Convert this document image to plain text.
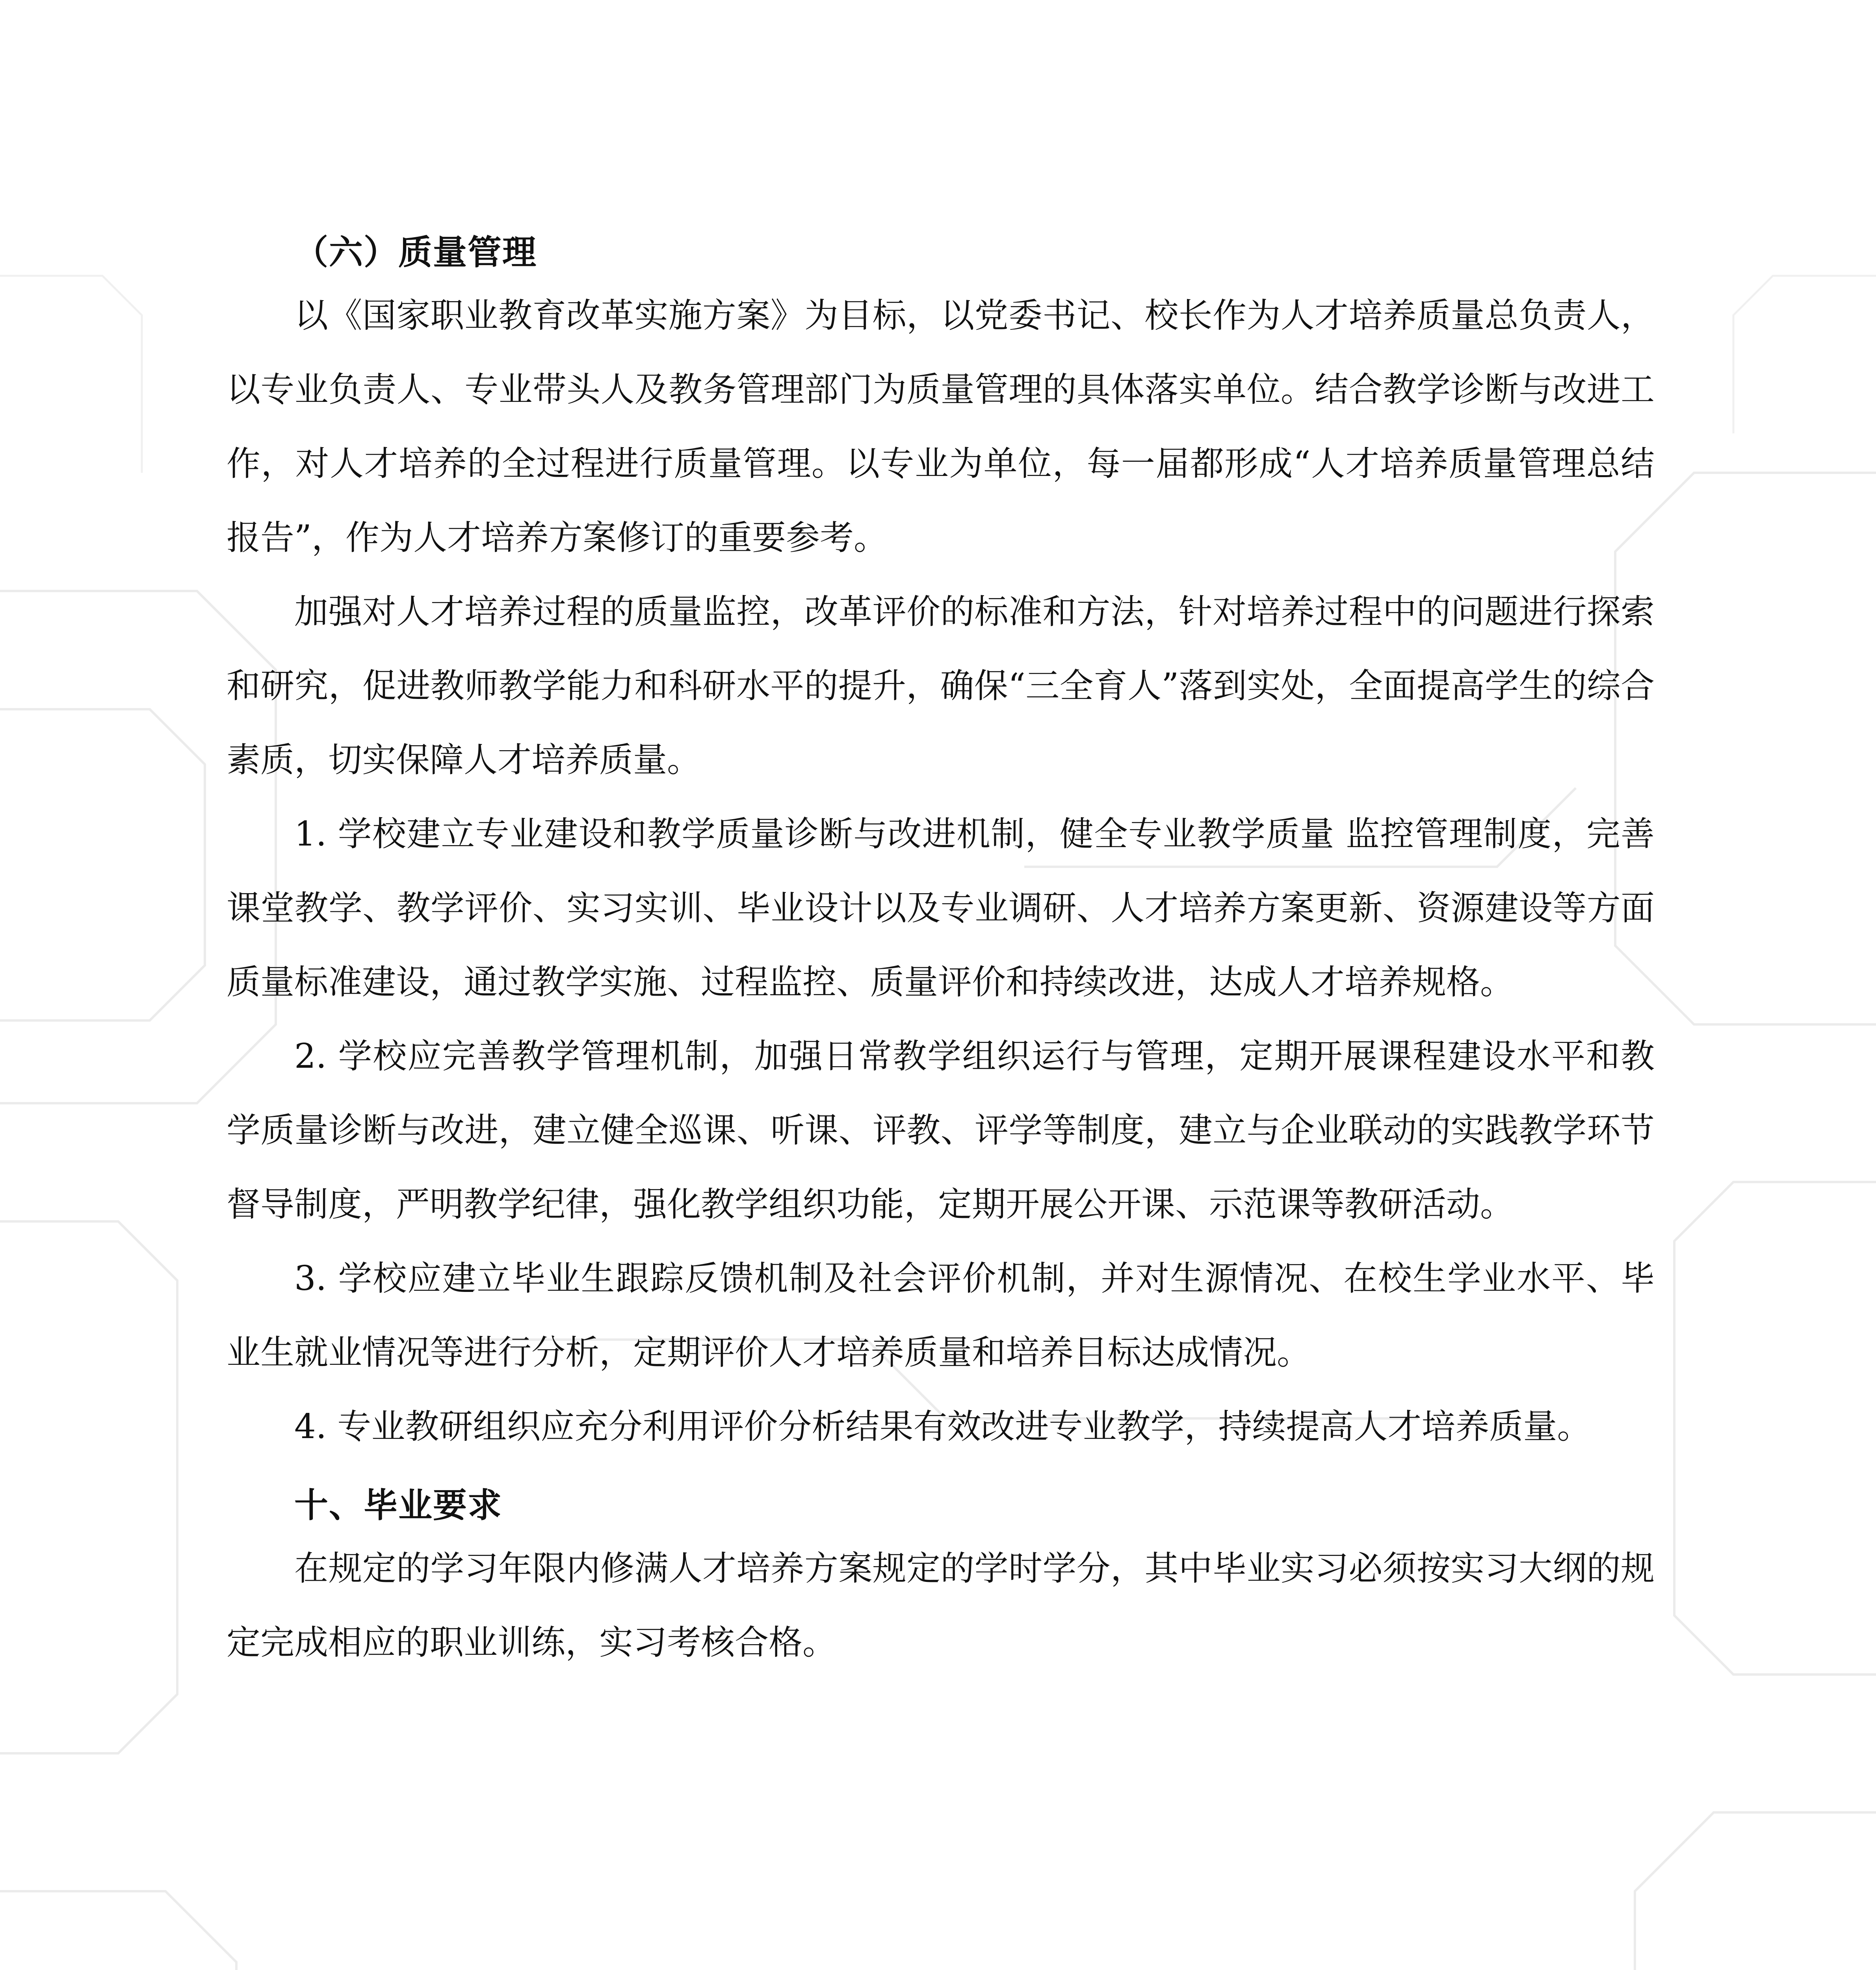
（六）质量管理

以《国家职业教育改革实施方案》为目标，以党委书记、校长作为人才培养质量总负责人，以专业负责人、专业带头人及教务管理部门为质量管理的具体落实单位。结合教学诊断与改进工作，对人才培养的全过程进行质量管理。以专业为单位，每一届都形成“人才培养质量管理总结报告”，作为人才培养方案修订的重要参考。

加强对人才培养过程的质量监控，改革评价的标准和方法，针对培养过程中的问题进行探索和研究，促进教师教学能力和科研水平的提升，确保“三全育人”落到实处，全面提高学生的综合素质，切实保障人才培养质量。

1. 学校建立专业建设和教学质量诊断与改进机制，健全专业教学质量 监控管理制度，完善课堂教学、教学评价、实习实训、毕业设计以及专业调研、人才培养方案更新、资源建设等方面质量标准建设，通过教学实施、过程监控、质量评价和持续改进，达成人才培养规格。

2. 学校应完善教学管理机制，加强日常教学组织运行与管理，定期开展课程建设水平和教学质量诊断与改进，建立健全巡课、听课、评教、评学等制度，建立与企业联动的实践教学环节督导制度，严明教学纪律，强化教学组织功能，定期开展公开课、示范课等教研活动。

3. 学校应建立毕业生跟踪反馈机制及社会评价机制，并对生源情况、在校生学业水平、毕业生就业情况等进行分析，定期评价人才培养质量和培养目标达成情况。

4. 专业教研组织应充分利用评价分析结果有效改进专业教学，持续提高人才培养质量。

十、毕业要求

在规定的学习年限内修满人才培养方案规定的学时学分，其中毕业实习必须按实习大纲的规定完成相应的职业训练，实习考核合格。
